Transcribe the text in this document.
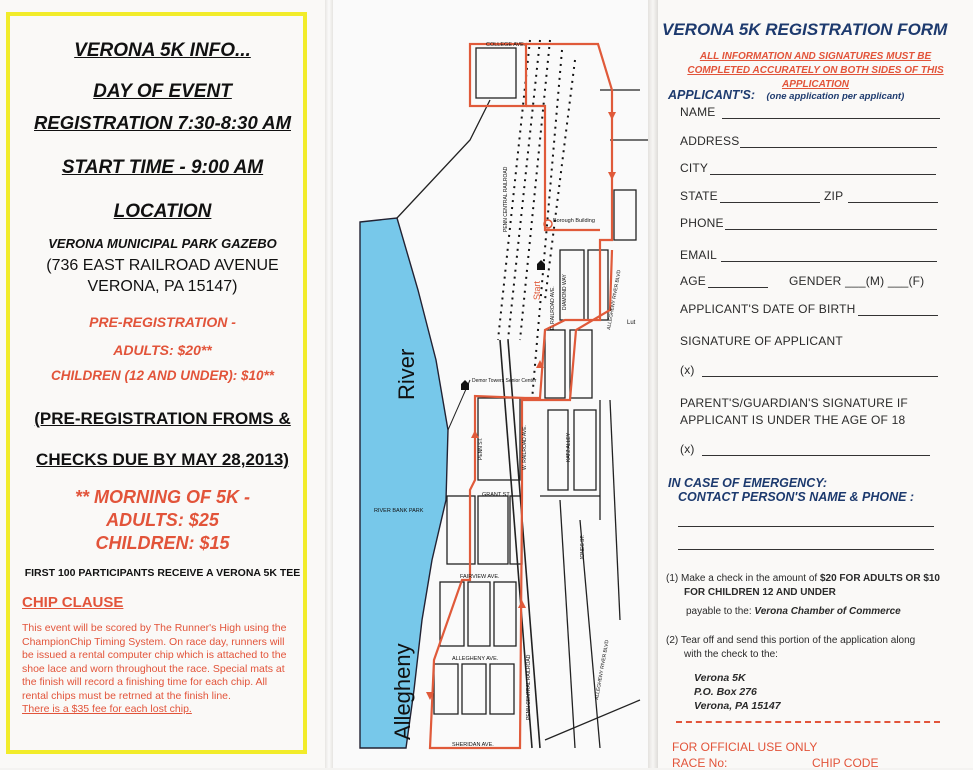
VERONA 5K INFO...
DAY OF EVENT
REGISTRATION 7:30-8:30 AM
START TIME - 9:00 AM
LOCATION
VERONA MUNICIPAL PARK GAZEBO
(736 EAST RAILROAD AVENUE
VERONA, PA 15147)
PRE-REGISTRATION -
ADULTS: $20**
CHILDREN (12 AND UNDER): $10**
(PRE-REGISTRATION FROMS &
CHECKS DUE BY MAY 28,2013)
** MORNING OF 5K -
ADULTS: $25
CHILDREN: $15
FIRST 100 PARTICIPANTS RECEIVE A VERONA 5K TEE
CHIP CLAUSE
This event will be scored by The Runner's High using the ChampionChip Timing System. On race day, runners will be issued a rental computer chip which is attached to the shoe lace and worn throughout the race. Special mats at the finish will record a finishing time for each chip. All rental chips must be retrned at the finish line.
There is a $35 fee for each lost chip.
River
Allegheny
COLLEGE AVE.
GRANT ST.
FAIRVIEW AVE.
ALLEGHENY AVE.
SHERIDAN AVE.
PENN CENTRAL RAILROAD
PENN CENTRAL RAILROAD
Borough Building
Start
Demor Towers Senior Center
RIVER BANK PARK
PENN ST.
JONES ST.
KATZ ALLEY
DIAMOND WAY
E. RAILROAD AVE.
W. RAILROAD AVE.
ALLEGHENY RIVER BLVD
ALLEGHENY RIVER BLVD
Lut
VERONA 5K REGISTRATION FORM
ALL INFORMATION AND SIGNATURES MUST BE COMPLETED ACCURATELY ON BOTH SIDES OF THIS APPLICATION
APPLICANT'S: (one application per applicant)
NAME
ADDRESS
CITY
STATE	ZIP
PHONE
EMAIL
AGE	GENDER ___(M) ___(F)
APPLICANT'S DATE OF BIRTH
SIGNATURE OF APPLICANT
(x)
PARENT'S/GUARDIAN'S SIGNATURE IF
APPLICANT IS UNDER THE AGE OF 18
(x)
IN CASE OF EMERGENCY:
CONTACT PERSON'S NAME & PHONE :
(1) Make a check in the amount of $20 FOR ADULTS OR $10
FOR CHILDREN 12 AND UNDER
payable to the: Verona Chamber of Commerce
(2) Tear off and send this portion of the application along
with the check to the:
Verona 5K
P.O. Box 276
Verona, PA 15147
FOR OFFICIAL USE ONLY
RACE No:	CHIP CODE
